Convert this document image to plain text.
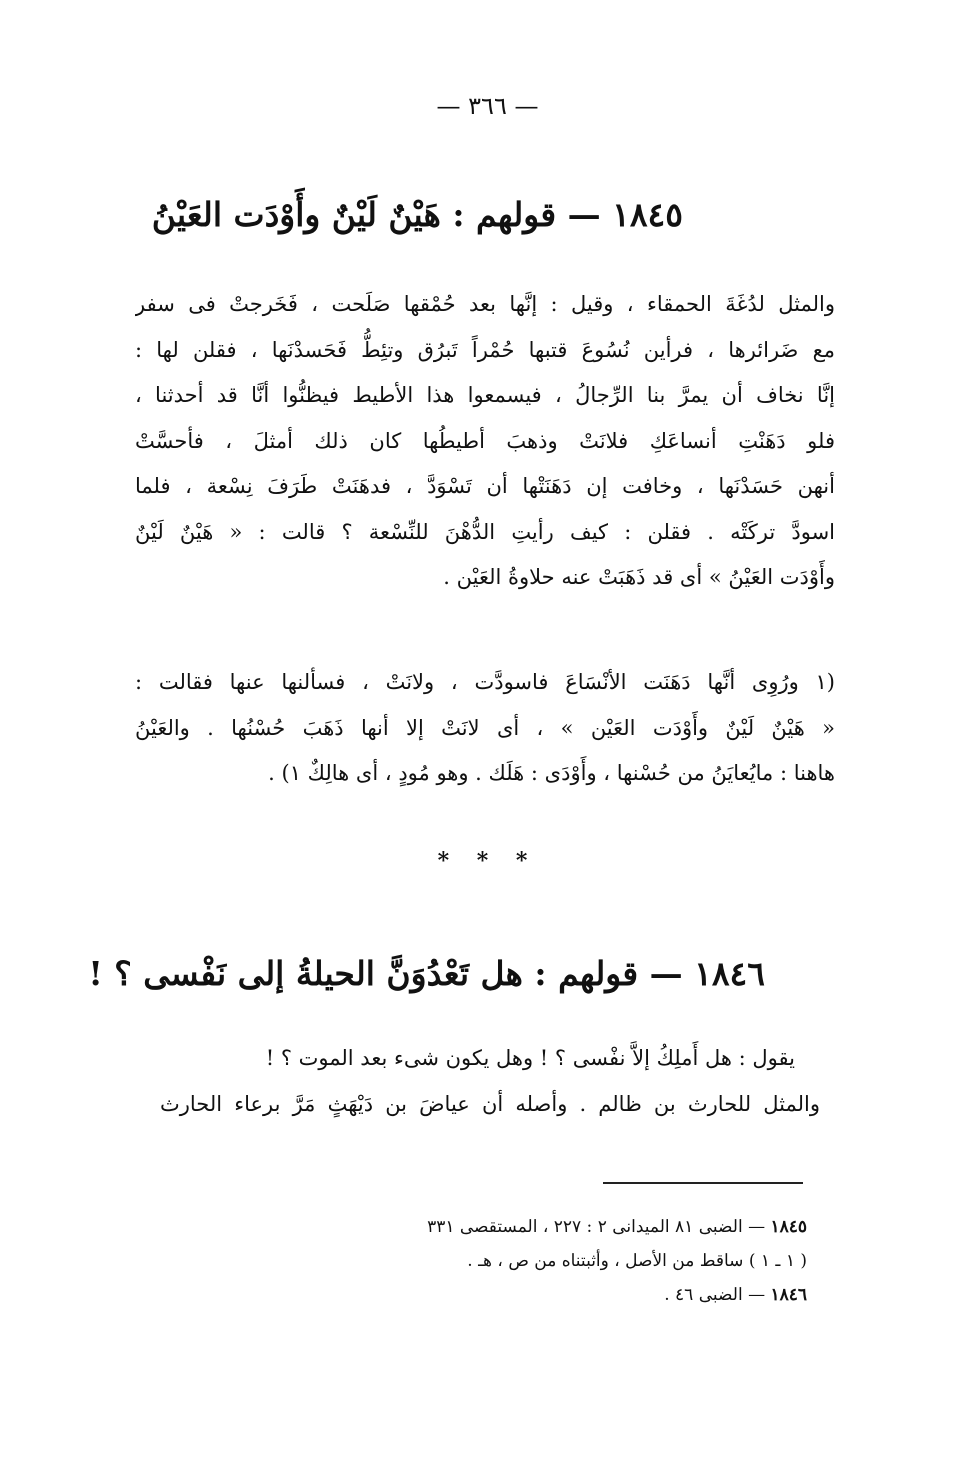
— ٣٦٦ —
١٨٤٥ — قولهم : هَيْنٌ لَيْنٌ وأَوْدَت العَيْنُ
والمثل لدُغَةَ الحمقاء ، وقيل : إنَّها بعد حُمْقها صَلَحت ، فَخَرجتْ فى سفر
مع ضَرائرها ، فرأين نُسُوعَ قتبها حُمْراً تَبرُق وتئِطُّ فَحَسدْنَها ، فقلن لها :
إنَّا نخاف أن يمرَّ بنا الرِّجالُ ، فيسمعوا هذا الأطيط فيظنُّوا أنَّا قد أحدثنا ،
فلو دَهَنْتِ أنساعَكِ فلانَتْ وذهبَ أطيطُها كان ذلك أمثلَ ، فأحسَّتْ
أنهن حَسَدْنَها ، وخافت إن دَهَنَتْها أن تَسْوَدَّ ، فدهَنَتْ طَرَفَ نِسْعة ، فلما
اسودَّ تركَتْه . فقلن : كيف رأيتِ الدُّهْنَ للنِّسْعة ؟ قالت : « هَيْنٌ لَيْنٌ
وأَوْدَت العَيْنُ » أى قد ذَهَبَتْ عنه حلاوةُ العَيْن .
(١ ورُوِى أنَّها دَهَنَت الأنْسَاعَ فاسودَّت ، ولانَتْ ، فسألنها عنها فقالت :
« هَيْنٌ لَيْنٌ وأَوْدَت العَيْن » ، أى لانَتْ إلا أنها ذَهَبَ حُسْنُها . والعَيْنُ
هاهنا : مايُعايَنُ من حُسْنها ، وأَوْدَى : هَلَك . وهو مُودٍ ، أى هالِكٌ ١) .
* * *
١٨٤٦ — قولهم : هل تَعْدُوَنَّ الحيلةُ إلى نَفْسى ؟ !
يقول : هل أَملِكُ إلاَّ نفْسى ؟ ! وهل يكون شىء بعد الموت ؟ !
والمثل للحارث بن ظالم . وأصله أن عياضَ بن دَيْهَثٍ مَرَّ برعاء الحارث
١٨٤٥ — الضبى ٨١ الميدانى ٢ : ٢٢٧ ، المستقصى ٣٣١
( ١ ـ ١ ) ساقط من الأصل ، وأثبتناه من ص ، هـ .
١٨٤٦ — الضبى ٤٦ .
